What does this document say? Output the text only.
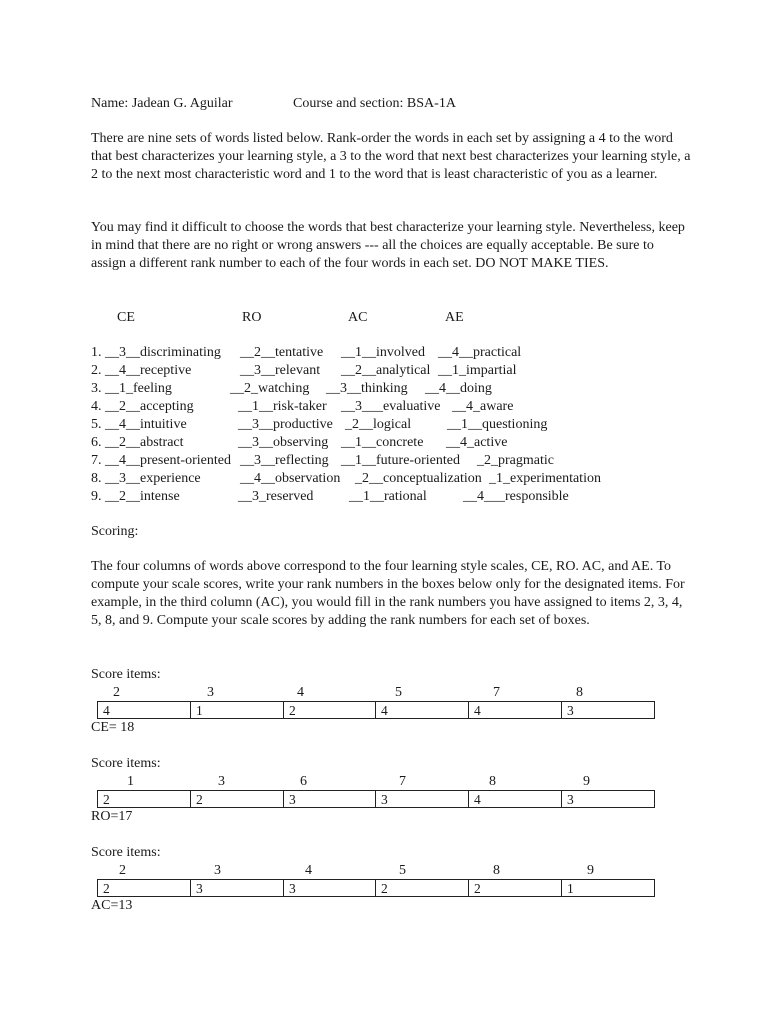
Name: Jadean G. Aguilar	Course and section: BSA-1A
There are nine sets of words listed below. Rank-order the words in each set by assigning a 4 to the word that best characterizes your learning style, a 3 to the word that next best characterizes your learning style, a 2 to the next most characteristic word and 1 to the word that is least characteristic of you as a learner.
You may find it difficult to choose the words that best characterize your learning style. Nevertheless, keep in mind that there are no right or wrong answers --- all the choices are equally acceptable. Be sure to assign a different rank number to each of the four words in each set. DO NOT MAKE TIES.
CE	RO	AC	AE
1. __3__discriminating __2__tentative __1__involved __4__practical
2. __4__receptive	__3__relevant __2__analytical __1_impartial
3. __1_feeling	__2_watching __3__thinking __4__doing
4. __2__accepting	__1__risk-taker __3___evaluative __4_aware
5. __4__intuitive	__3__productive _2__logical	__1__questioning
6. __2__abstract	__3__observing __1__concrete __4_active
7. __4__present-oriented __3__reflecting __1__future-oriented _2_pragmatic
8. __3__experience	__4__observation _2__conceptualization _1_experimentation
9. __2__intense	__3_reserved	__1__rational	__4___responsible
Scoring:
The four columns of words above correspond to the four learning style scales, CE, RO. AC, and AE. To compute your scale scores, write your rank numbers in the boxes below only for the designated items. For example, in the third column (AC), you would fill in the rank numbers you have assigned to items 2, 3, 4, 5, 8, and 9. Compute your scale scores by adding the rank numbers for each set of boxes.
Score items:
2	3	4	5	7	8
4	1	2	4	4	3
CE= 18
Score items:
1	3	6	7	8	9
2	2	3	3	4	3
RO=17
Score items:
2	3	4	5	8	9
2	3	3	2	2	1
AC=13
